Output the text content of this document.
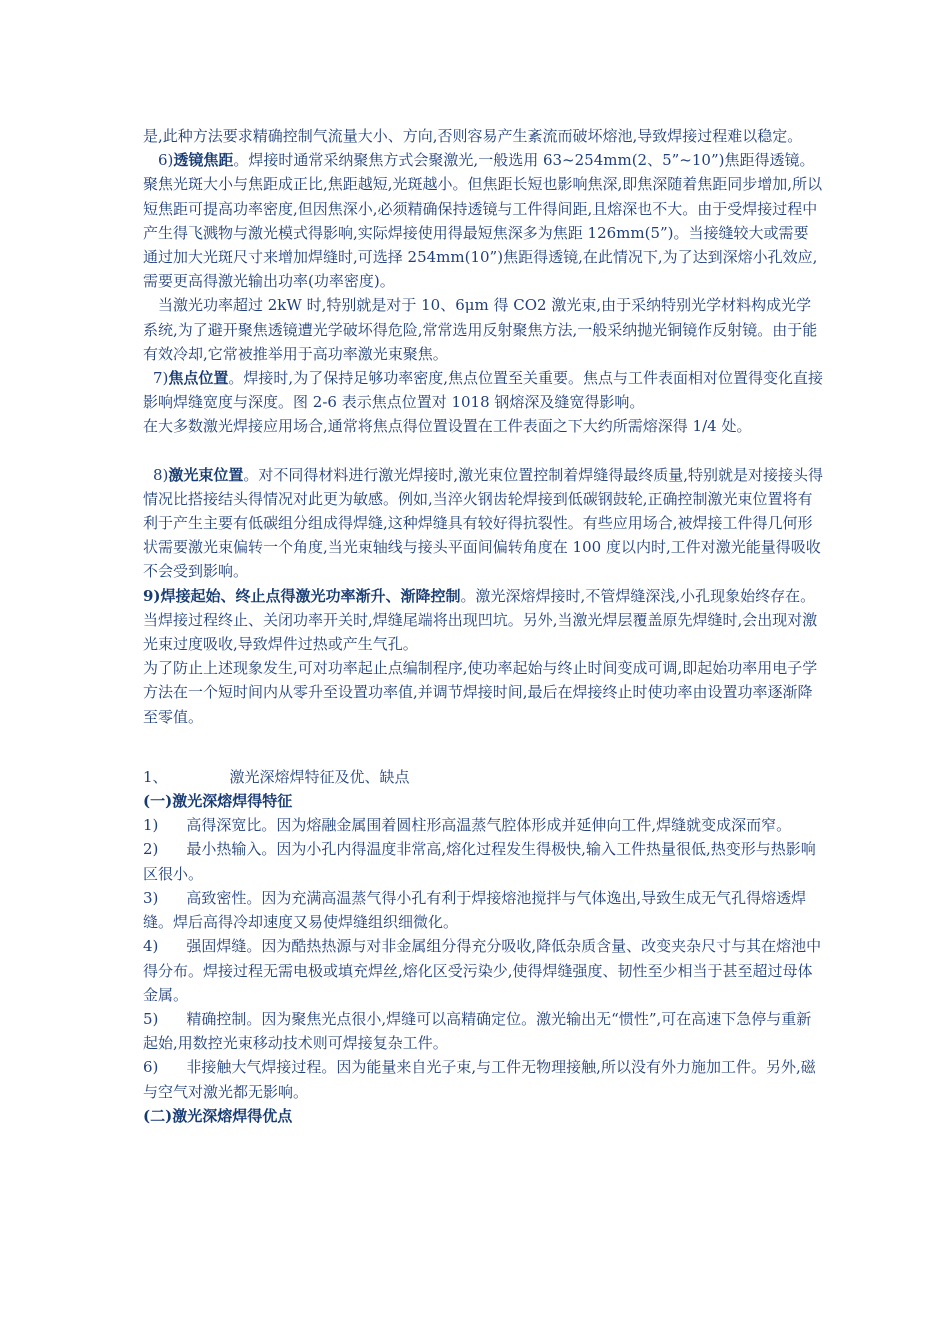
是,此种方法要求精确控制气流量大小、方向,否则容易产生紊流而破坏熔池,导致焊接过程难以稳定。

6)透镜焦距。焊接时通常采纳聚焦方式会聚激光,一般选用 63~254mm(2、5”~10”)焦距得透镜。聚焦光斑大小与焦距成正比,焦距越短,光斑越小。但焦距长短也影响焦深,即焦深随着焦距同步增加,所以短焦距可提高功率密度,但因焦深小,必须精确保持透镜与工件得间距,且熔深也不大。由于受焊接过程中产生得飞溅物与激光模式得影响,实际焊接使用得最短焦深多为焦距 126mm(5”)。当接缝较大或需要通过加大光斑尺寸来增加焊缝时,可选择 254mm(10”)焦距得透镜,在此情况下,为了达到深熔小孔效应,需要更高得激光输出功率(功率密度)。

当激光功率超过 2kW 时,特别就是对于 10、6μm 得 CO2 激光束,由于采纳特别光学材料构成光学系统,为了避开聚焦透镜遭光学破坏得危险,常常选用反射聚焦方法,一般采纳抛光铜镜作反射镜。由于能有效冷却,它常被推举用于高功率激光束聚焦。

7)焦点位置。焊接时,为了保持足够功率密度,焦点位置至关重要。焦点与工件表面相对位置得变化直接影响焊缝宽度与深度。图 2-6 表示焦点位置对 1018 钢熔深及缝宽得影响。

在大多数激光焊接应用场合,通常将焦点得位置设置在工件表面之下大约所需熔深得 1/4 处。

8)激光束位置。对不同得材料进行激光焊接时,激光束位置控制着焊缝得最终质量,特别就是对接接头得情况比搭接结头得情况对此更为敏感。例如,当淬火钢齿轮焊接到低碳钢鼓轮,正确控制激光束位置将有利于产生主要有低碳组分组成得焊缝,这种焊缝具有较好得抗裂性。有些应用场合,被焊接工件得几何形状需要激光束偏转一个角度,当光束轴线与接头平面间偏转角度在 100 度以内时,工件对激光能量得吸收不会受到影响。

9)焊接起始、终止点得激光功率渐升、渐降控制。激光深熔焊接时,不管焊缝深浅,小孔现象始终存在。当焊接过程终止、关闭功率开关时,焊缝尾端将出现凹坑。另外,当激光焊层覆盖原先焊缝时,会出现对激光束过度吸收,导致焊件过热或产生气孔。

为了防止上述现象发生,可对功率起止点编制程序,使功率起始与终止时间变成可调,即起始功率用电子学方法在一个短时间内从零升至设置功率值,并调节焊接时间,最后在焊接终止时使功率由设置功率逐渐降至零值。

1、	激光深熔焊特征及优、缺点

(一)激光深熔焊得特征

1) 高得深宽比。因为熔融金属围着圆柱形高温蒸气腔体形成并延伸向工件,焊缝就变成深而窄。

2) 最小热输入。因为小孔内得温度非常高,熔化过程发生得极快,输入工件热量很低,热变形与热影响区很小。

3) 高致密性。因为充满高温蒸气得小孔有利于焊接熔池搅拌与气体逸出,导致生成无气孔得熔透焊缝。焊后高得冷却速度又易使焊缝组织细微化。

4) 强固焊缝。因为酷热热源与对非金属组分得充分吸收,降低杂质含量、改变夹杂尺寸与其在熔池中得分布。焊接过程无需电极或填充焊丝,熔化区受污染少,使得焊缝强度、韧性至少相当于甚至超过母体金属。

5) 精确控制。因为聚焦光点很小,焊缝可以高精确定位。激光输出无“惯性”,可在高速下急停与重新起始,用数控光束移动技术则可焊接复杂工件。

6) 非接触大气焊接过程。因为能量来自光子束,与工件无物理接触,所以没有外力施加工件。另外,磁与空气对激光都无影响。

(二)激光深熔焊得优点
